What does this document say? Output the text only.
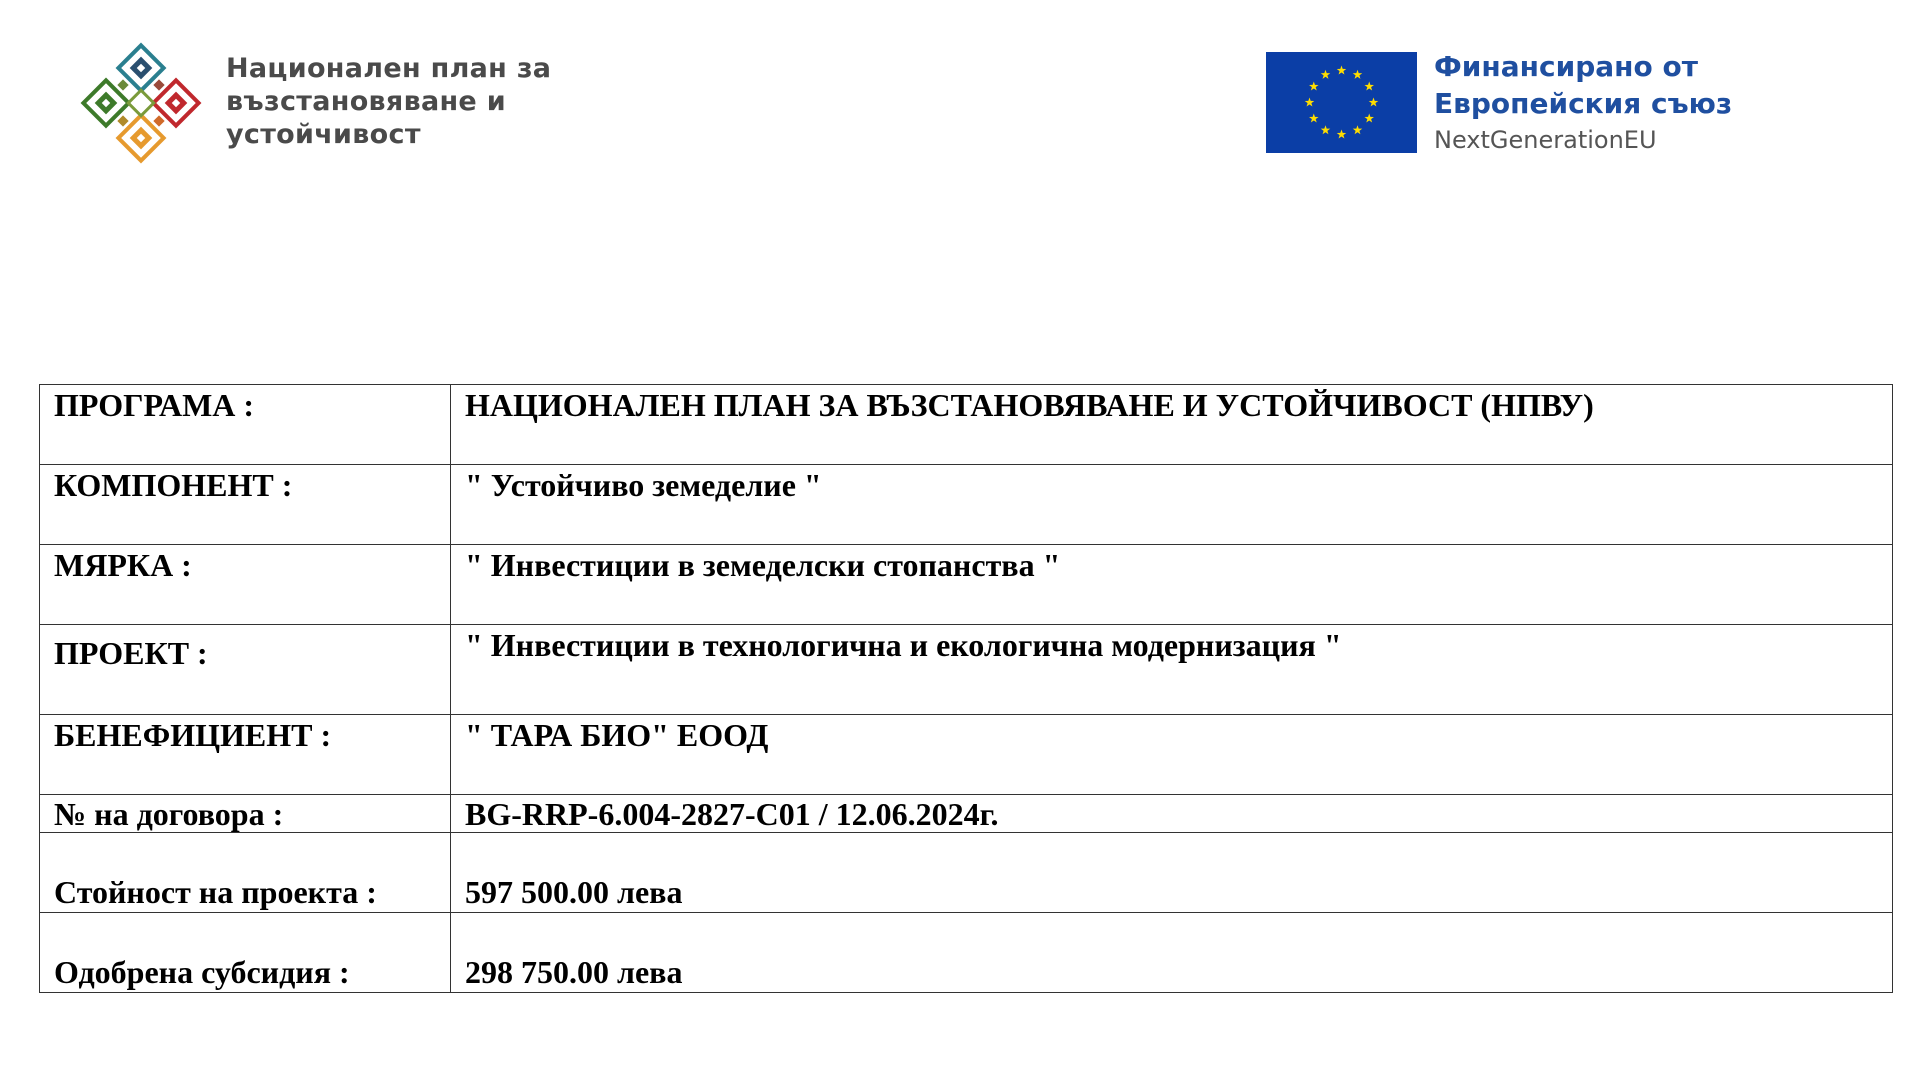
Национален план за
възстановяване и
устойчивост
Финансирано от
Европейския съюз
NextGenerationEU
ПРОГРАМА :	НАЦИОНАЛЕН ПЛАН ЗА ВЪЗСТАНОВЯВАНЕ И УСТОЙЧИВОСТ (НПВУ)
КОМПОНЕНТ :	" Устойчиво земеделие "
МЯРКА :	" Инвестиции в земеделски стопанства "
ПРОЕКТ :	" Инвестиции в технологична и екологична модернизация "
БЕНЕФИЦИЕНТ :	" ТАРА БИО" ЕООД
№ на договора :	BG-RRP-6.004-2827-C01 / 12.06.2024г.
Стойност на проекта :	597 500.00 лева
Одобрена субсидия :	298 750.00 лева
